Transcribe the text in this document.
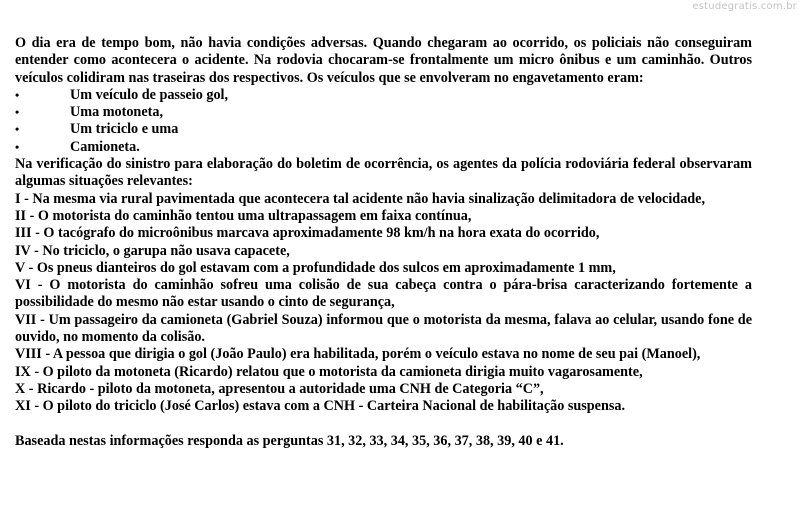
estudegratis.com.br

O dia era de tempo bom, não havia condições adversas. Quando chegaram ao ocorrido, os policiais não conseguiram entender como acontecera o acidente. Na rodovia chocaram-se frontalmente um micro ônibus e um caminhão. Outros veículos colidiram nas traseiras dos respectivos. Os veículos que se envolveram no engavetamento eram:

•	Um veículo de passeio gol,
•	Uma motoneta,
•	Um triciclo e uma
•	Camioneta.

Na verificação do sinistro para elaboração do boletim de ocorrência, os agentes da polícia rodoviária federal observaram algumas situações relevantes:

I - Na mesma via rural pavimentada que acontecera tal acidente não havia sinalização delimitadora de velocidade,

II - O motorista do caminhão tentou uma ultrapassagem em faixa contínua,

III - O tacógrafo do microônibus marcava aproximadamente 98 km/h na hora exata do ocorrido,

IV - No triciclo, o garupa não usava capacete,

V - Os pneus dianteiros do gol estavam com a profundidade dos sulcos em aproximadamente 1 mm,

VI - O motorista do caminhão sofreu uma colisão de sua cabeça contra o pára-brisa caracterizando fortemente a possibilidade do mesmo não estar usando o cinto de segurança,

VII - Um passageiro da camioneta (Gabriel Souza) informou que o motorista da mesma, falava ao celular, usando fone de ouvido, no momento da colisão.

VIII - A pessoa que dirigia o gol (João Paulo) era habilitada, porém o veículo estava no nome de seu pai (Manoel),

IX - O piloto da motoneta (Ricardo) relatou que o motorista da camioneta dirigia muito vagarosamente,

X - Ricardo - piloto da motoneta, apresentou a autoridade uma CNH de Categoria “C”,

XI - O piloto do triciclo (José Carlos) estava com a CNH - Carteira Nacional de habilitação suspensa.

Baseada nestas informações responda as perguntas 31, 32, 33, 34, 35, 36, 37, 38, 39, 40 e 41.
